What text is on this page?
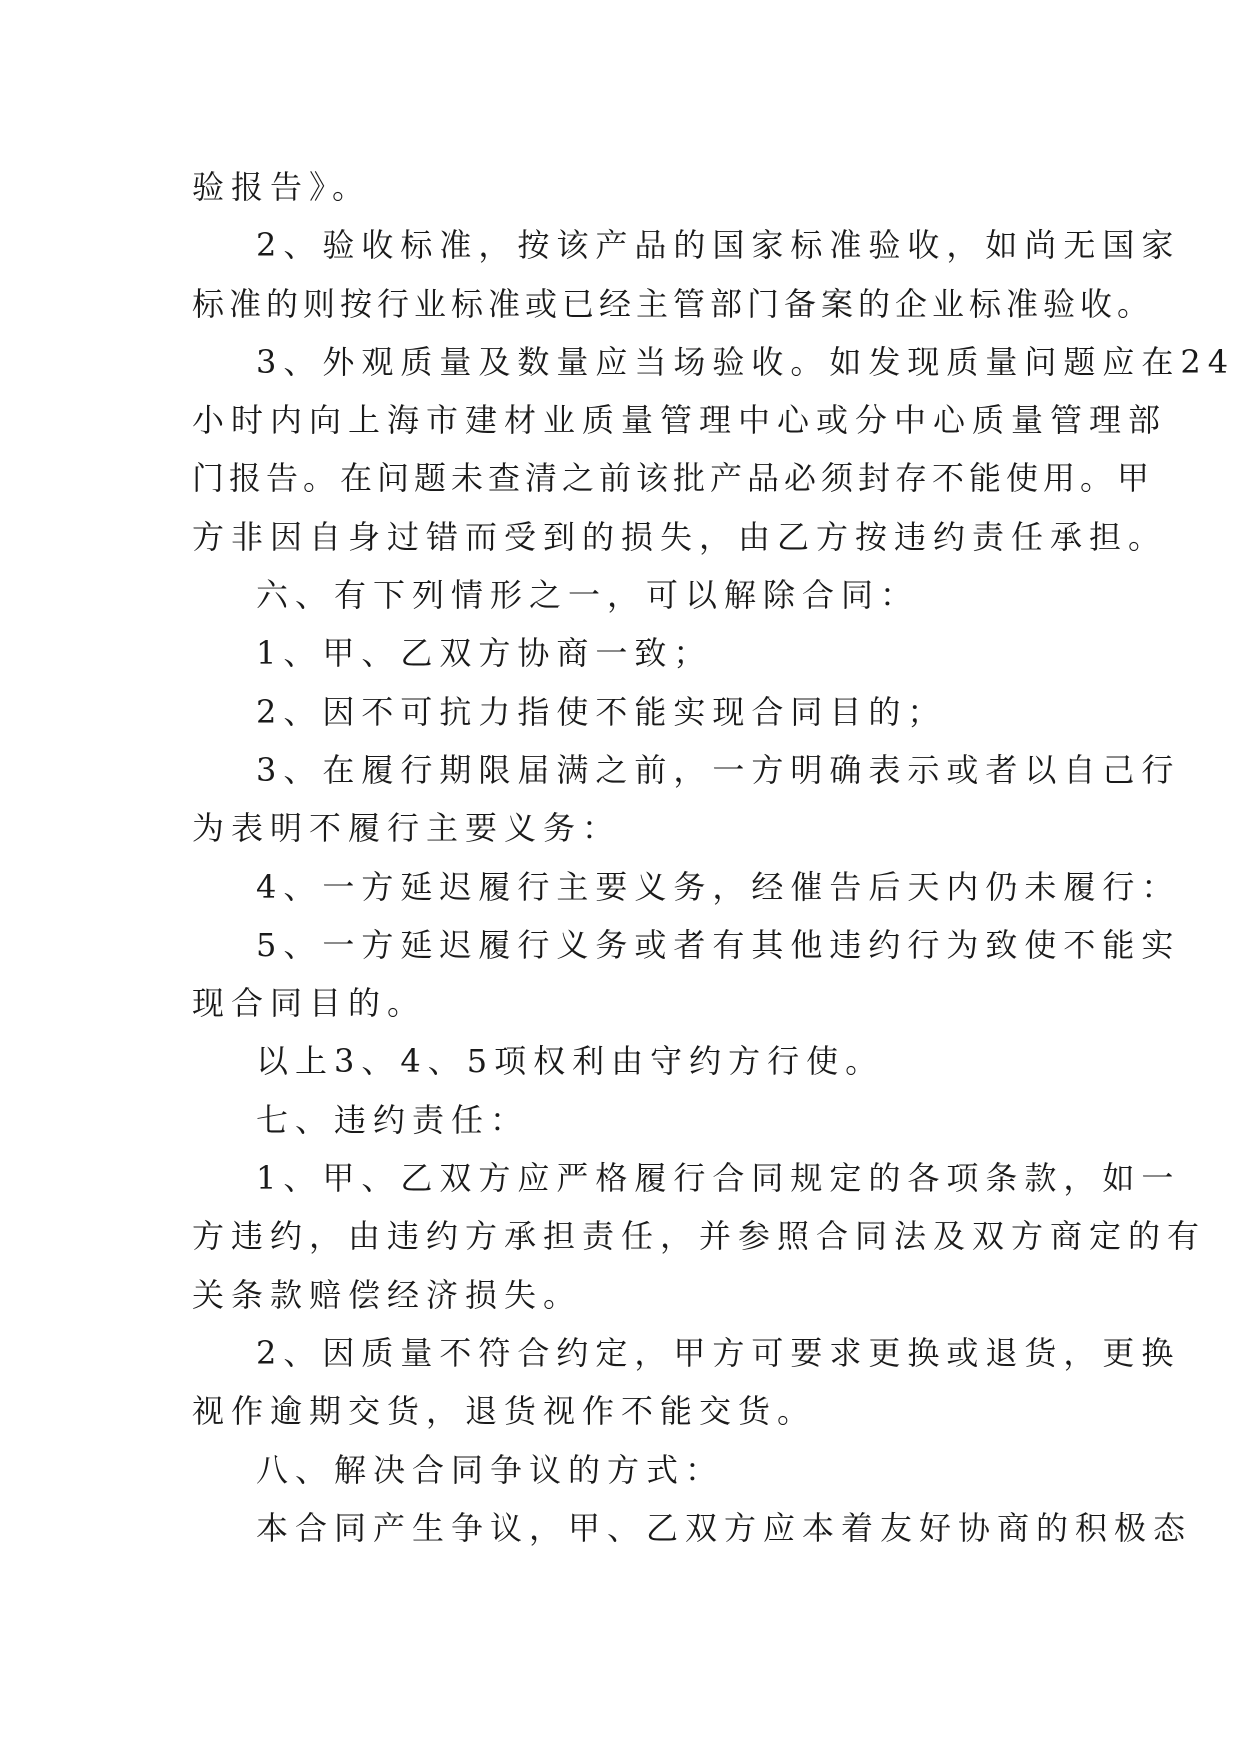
验报告》。
2、验收标准，按该产品的国家标准验收，如尚无国家
标准的则按行业标准或已经主管部门备案的企业标准验收。
3、外观质量及数量应当场验收。如发现质量问题应在24
小时内向上海市建材业质量管理中心或分中心质量管理部
门报告。在问题未查清之前该批产品必须封存不能使用。甲
方非因自身过错而受到的损失，由乙方按违约责任承担。
六、有下列情形之一，可以解除合同：
1、甲、乙双方协商一致；
2、因不可抗力指使不能实现合同目的；
3、在履行期限届满之前，一方明确表示或者以自己行
为表明不履行主要义务：
4、一方延迟履行主要义务，经催告后天内仍未履行：
5、一方延迟履行义务或者有其他违约行为致使不能实
现合同目的。
以上3、4、5项权利由守约方行使。
七、违约责任：
1、甲、乙双方应严格履行合同规定的各项条款，如一
方违约，由违约方承担责任，并参照合同法及双方商定的有
关条款赔偿经济损失。
2、因质量不符合约定，甲方可要求更换或退货，更换
视作逾期交货，退货视作不能交货。
八、解决合同争议的方式：
本合同产生争议，甲、乙双方应本着友好协商的积极态
